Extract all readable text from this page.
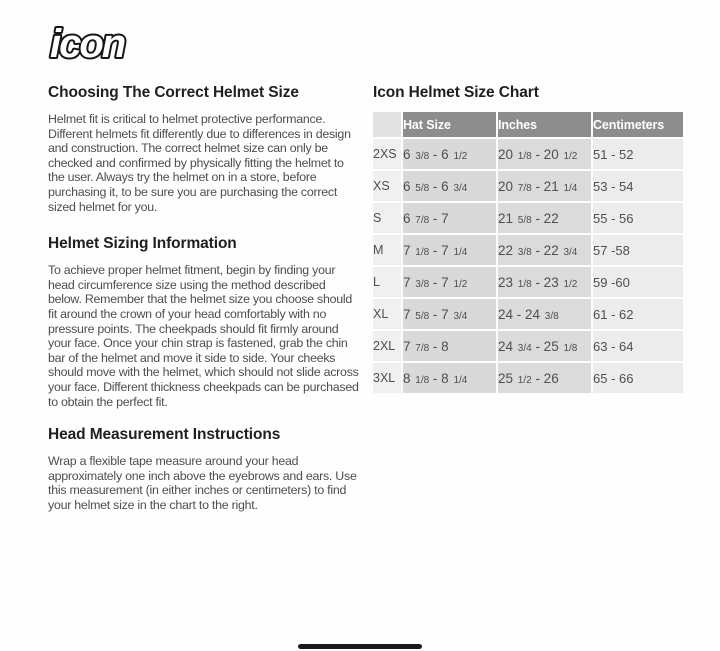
icon
Choosing The Correct Helmet Size

Helmet fit is critical to helmet protective performance. Different helmets fit differently due to differences in design and construction. The correct helmet size can only be checked and confirmed by physically fitting the helmet to the user. Always try the helmet on in a store, before purchasing it, to be sure you are purchasing the correct sized helmet for you.

Helmet Sizing Information

To achieve proper helmet fitment, begin by finding your head circumference size using the method described below. Remember that the helmet size you choose should fit around the crown of your head comfortably with no pressure points. The cheekpads should fit firmly around your face. Once your chin strap is fastened, grab the chin bar of the helmet and move it side to side. Your cheeks should move with the helmet, which should not slide across your face. Different thickness cheekpads can be purchased to obtain the perfect fit.

Head Measurement Instructions

Wrap a flexible tape measure around your head approximately one inch above the eyebrows and ears. Use this measurement (in either inches or centimeters) to find your helmet size in the chart to the right.

Icon Helmet Size Chart
	Hat Size	Inches	Centimeters
2XS	6 3/8 - 6 1/2	20 1/8 - 20 1/2	51 - 52
XS	6 5/8 - 6 3/4	20 7/8 - 21 1/4	53 - 54
S	6 7/8 - 7	21 5/8 - 22	55 - 56
M	7 1/8 - 7 1/4	22 3/8 - 22 3/4	57 -58
L	7 3/8 - 7 1/2	23 1/8 - 23 1/2	59 -60
XL	7 5/8 - 7 3/4	24 - 24 3/8	61 - 62
2XL	7 7/8 - 8	24 3/4 - 25 1/8	63 - 64
3XL	8 1/8 - 8 1/4	25 1/2 - 26	65 - 66
